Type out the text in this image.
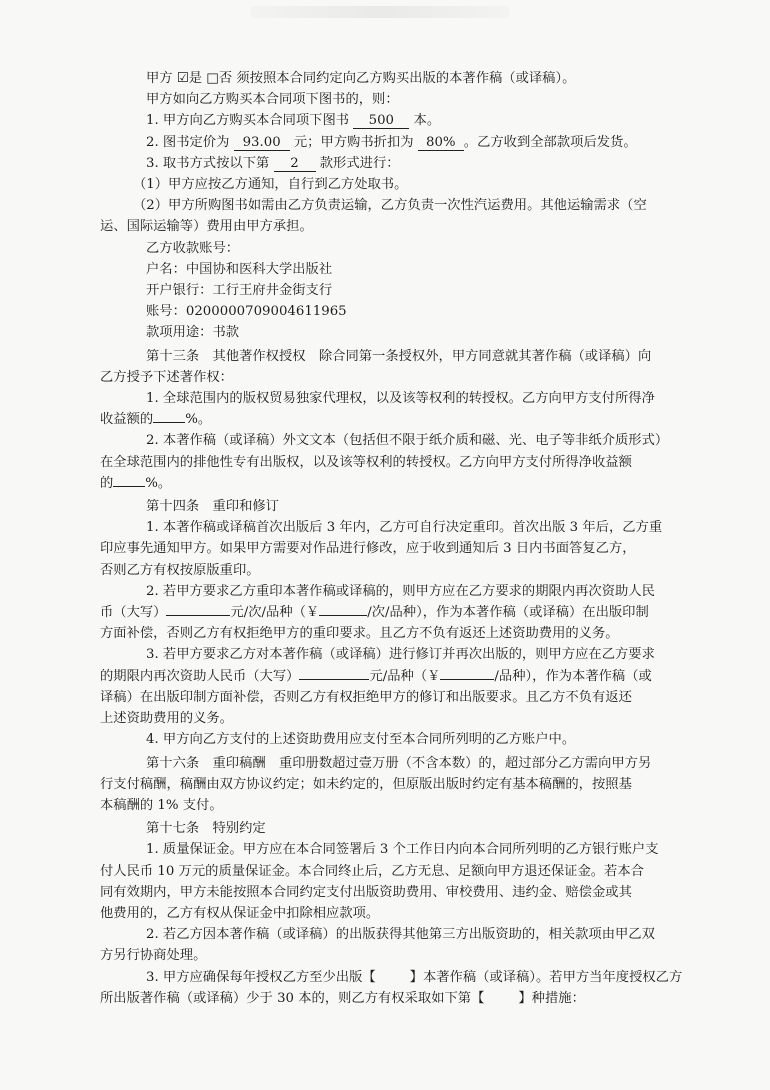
甲方 ☑是 □否 须按照本合同约定向乙方购买出版的本著作稿（或译稿）。

甲方如向乙方购买本合同项下图书的，则：

1. 甲方向乙方购买本合同项下图书 500 本。

2. 图书定价为 93.00 元；甲方购书折扣为 80% 。乙方收到全部款项后发货。

3. 取书方式按以下第 2 款形式进行：

（1）甲方应按乙方通知，自行到乙方处取书。

（2）甲方所购图书如需由乙方负责运输，乙方负责一次性汽运费用。其他运输需求（空

运、国际运输等）费用由甲方承担。

乙方收款账号：

户名：中国协和医科大学出版社

开户银行：工行王府井金街支行

账号：0200000709004611965

款项用途：书款

第十三条　其他著作权授权　除合同第一条授权外，甲方同意就其著作稿（或译稿）向

乙方授予下述著作权：

1. 全球范围内的版权贸易独家代理权，以及该等权利的转授权。乙方向甲方支付所得净

收益额的 %。

2. 本著作稿（或译稿）外文文本（包括但不限于纸介质和磁、光、电子等非纸介质形式）

在全球范围内的排他性专有出版权，以及该等权利的转授权。乙方向甲方支付所得净收益额

的 %。

第十四条　重印和修订

1. 本著作稿或译稿首次出版后 3 年内，乙方可自行决定重印。首次出版 3 年后，乙方重

印应事先通知甲方。如果甲方需要对作品进行修改，应于收到通知后 3 日内书面答复乙方，

否则乙方有权按原版重印。

2. 若甲方要求乙方重印本著作稿或译稿的，则甲方应在乙方要求的期限内再次资助人民

币（大写）	元/次/品种（￥	/次/品种），作为本著作稿（或译稿）在出版印制

方面补偿，否则乙方有权拒绝甲方的重印要求。且乙方不负有返还上述资助费用的义务。

3. 若甲方要求乙方对本著作稿（或译稿）进行修订并再次出版的，则甲方应在乙方要求

的期限内再次资助人民币（大写）	元/品种（￥	/品种），作为本著作稿（或

译稿）在出版印制方面补偿，否则乙方有权拒绝甲方的修订和出版要求。且乙方不负有返还

上述资助费用的义务。

4. 甲方向乙方支付的上述资助费用应支付至本合同所列明的乙方账户中。

第十六条　重印稿酬　重印册数超过壹万册（不含本数）的，超过部分乙方需向甲方另

行支付稿酬，稿酬由双方协议约定；如未约定的，但原版出版时约定有基本稿酬的，按照基

本稿酬的 1% 支付。

第十七条　特别约定

1. 质量保证金。甲方应在本合同签署后 3 个工作日内向本合同所列明的乙方银行账户支

付人民币 10 万元的质量保证金。本合同终止后，乙方无息、足额向甲方退还保证金。若本合

同有效期内，甲方未能按照本合同约定支付出版资助费用、审校费用、违约金、赔偿金或其

他费用的，乙方有权从保证金中扣除相应款项。

2. 若乙方因本著作稿（或译稿）的出版获得其他第三方出版资助的，相关款项由甲乙双

方另行协商处理。

3. 甲方应确保每年授权乙方至少出版【	】本著作稿（或译稿）。若甲方当年度授权乙方

所出版著作稿（或译稿）少于 30 本的，则乙方有权采取如下第【	】种措施：
